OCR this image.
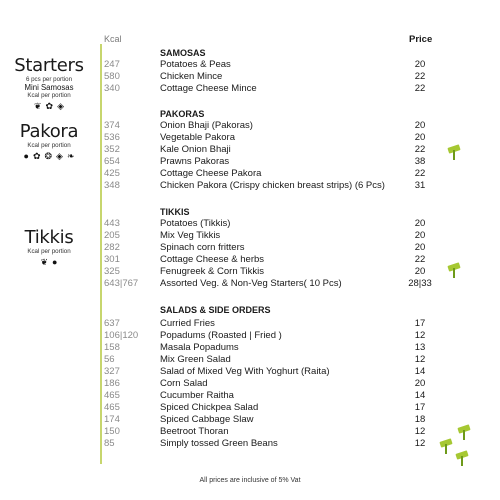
Starters
6 pcs per portion
Mini Samosas
Kcal per portion
❦ ✿ ◈
Pakora
Kcal per portion
● ✿ ❂ ◈ ❧
Tikkis
Kcal per portion
❦ ●
Kcal	Price
SAMOSAS
247	Potatoes & Peas	20
580	Chicken Mince	22
340	Cottage Cheese Mince	22
PAKORAS
374	Onion Bhaji (Pakoras)	20
536	Vegetable Pakora	20
352	Kale Onion Bhaji	22
654	Prawns Pakoras	38
425	Cottage Cheese Pakora	22
348	Chicken Pakora (Crispy chicken breast strips) (6 Pcs)	31
TIKKIS
443	Potatoes (Tikkis)	20
205	Mix Veg Tikkis	20
282	Spinach corn fritters	20
301	Cottage Cheese & herbs	22
325	Fenugreek & Corn Tikkis	20
643|767	Assorted Veg. & Non-Veg Starters( 10 Pcs)	28|33
SALADS & SIDE ORDERS
637	Curried Fries	17
106|120	Popadums (Roasted | Fried )	12
158	Masala Popadums	13
56	Mix Green Salad	12
327	Salad of Mixed Veg With Yoghurt (Raita)	14
186	Corn Salad	20
465	Cucumber Raitha	14
465	Spiced Chickpea Salad	17
174	Spiced Cabbage Slaw	18
150	Beetroot Thoran	12
85	Simply tossed Green Beans	12
All prices are inclusive of 5% Vat
